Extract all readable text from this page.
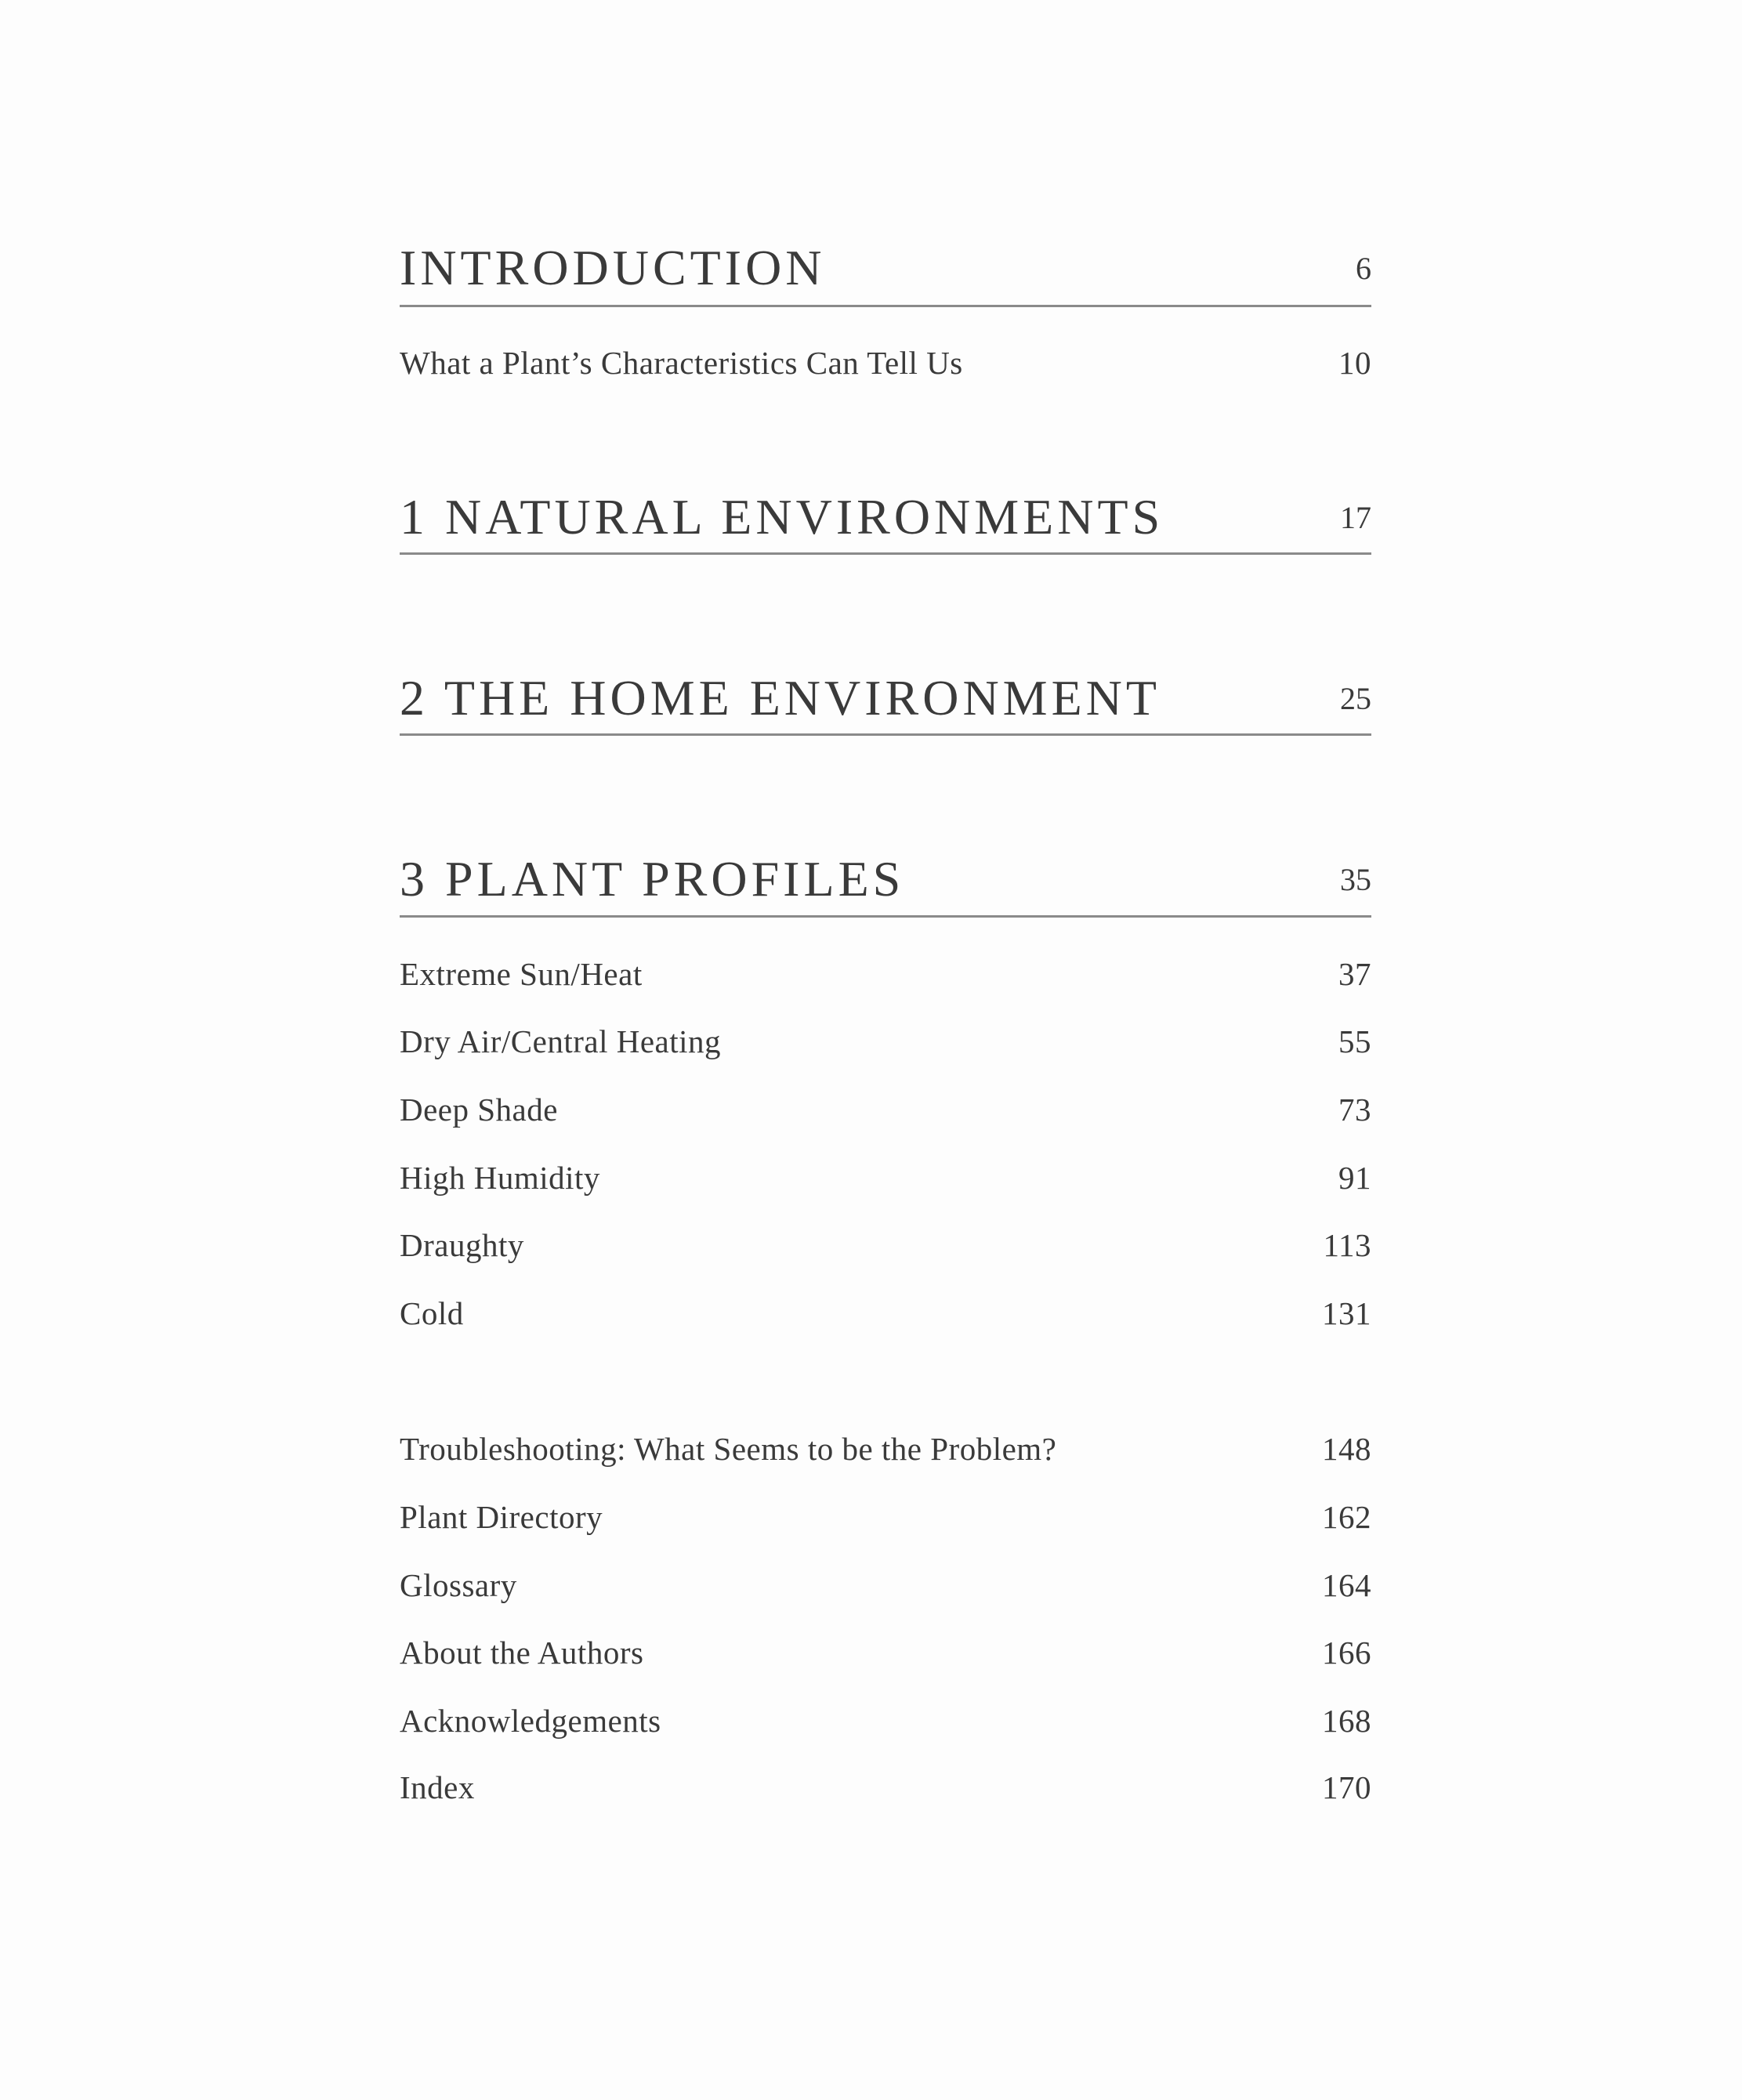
INTRODUCTION	6
What a Plant’s Characteristics Can Tell Us	10
1 NATURAL ENVIRONMENTS	17
2 THE HOME ENVIRONMENT	25
3 PLANT PROFILES	35
Extreme Sun/Heat	37
Dry Air/Central Heating	55
Deep Shade	73
High Humidity	91
Draughty	113
Cold	131
Troubleshooting: What Seems to be the Problem?	148
Plant Directory	162
Glossary	164
About the Authors	166
Acknowledgements	168
Index	170
